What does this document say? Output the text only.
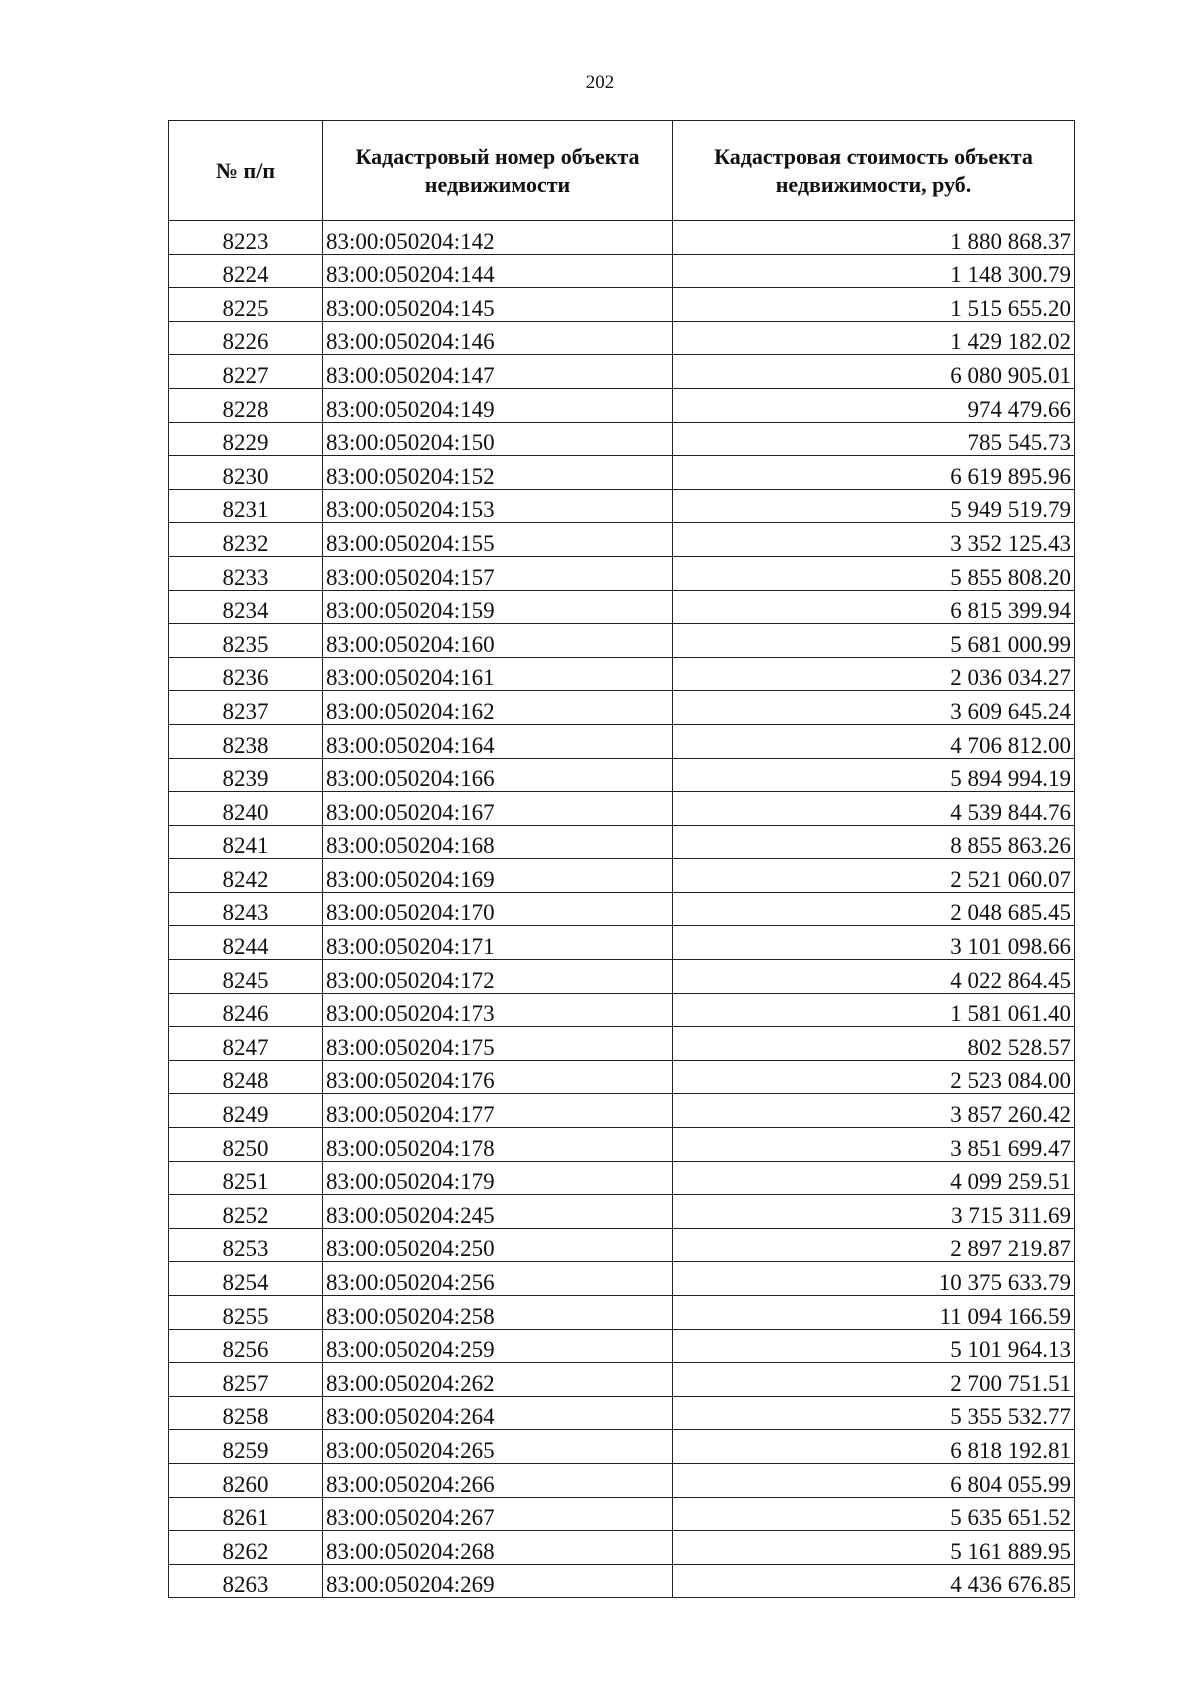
202
№ п/п	Кадастровый номер объекта недвижимости	Кадастровая стоимость объекта недвижимости, руб.
8223	83:00:050204:142	1 880 868.37
8224	83:00:050204:144	1 148 300.79
8225	83:00:050204:145	1 515 655.20
8226	83:00:050204:146	1 429 182.02
8227	83:00:050204:147	6 080 905.01
8228	83:00:050204:149	974 479.66
8229	83:00:050204:150	785 545.73
8230	83:00:050204:152	6 619 895.96
8231	83:00:050204:153	5 949 519.79
8232	83:00:050204:155	3 352 125.43
8233	83:00:050204:157	5 855 808.20
8234	83:00:050204:159	6 815 399.94
8235	83:00:050204:160	5 681 000.99
8236	83:00:050204:161	2 036 034.27
8237	83:00:050204:162	3 609 645.24
8238	83:00:050204:164	4 706 812.00
8239	83:00:050204:166	5 894 994.19
8240	83:00:050204:167	4 539 844.76
8241	83:00:050204:168	8 855 863.26
8242	83:00:050204:169	2 521 060.07
8243	83:00:050204:170	2 048 685.45
8244	83:00:050204:171	3 101 098.66
8245	83:00:050204:172	4 022 864.45
8246	83:00:050204:173	1 581 061.40
8247	83:00:050204:175	802 528.57
8248	83:00:050204:176	2 523 084.00
8249	83:00:050204:177	3 857 260.42
8250	83:00:050204:178	3 851 699.47
8251	83:00:050204:179	4 099 259.51
8252	83:00:050204:245	3 715 311.69
8253	83:00:050204:250	2 897 219.87
8254	83:00:050204:256	10 375 633.79
8255	83:00:050204:258	11 094 166.59
8256	83:00:050204:259	5 101 964.13
8257	83:00:050204:262	2 700 751.51
8258	83:00:050204:264	5 355 532.77
8259	83:00:050204:265	6 818 192.81
8260	83:00:050204:266	6 804 055.99
8261	83:00:050204:267	5 635 651.52
8262	83:00:050204:268	5 161 889.95
8263	83:00:050204:269	4 436 676.85
